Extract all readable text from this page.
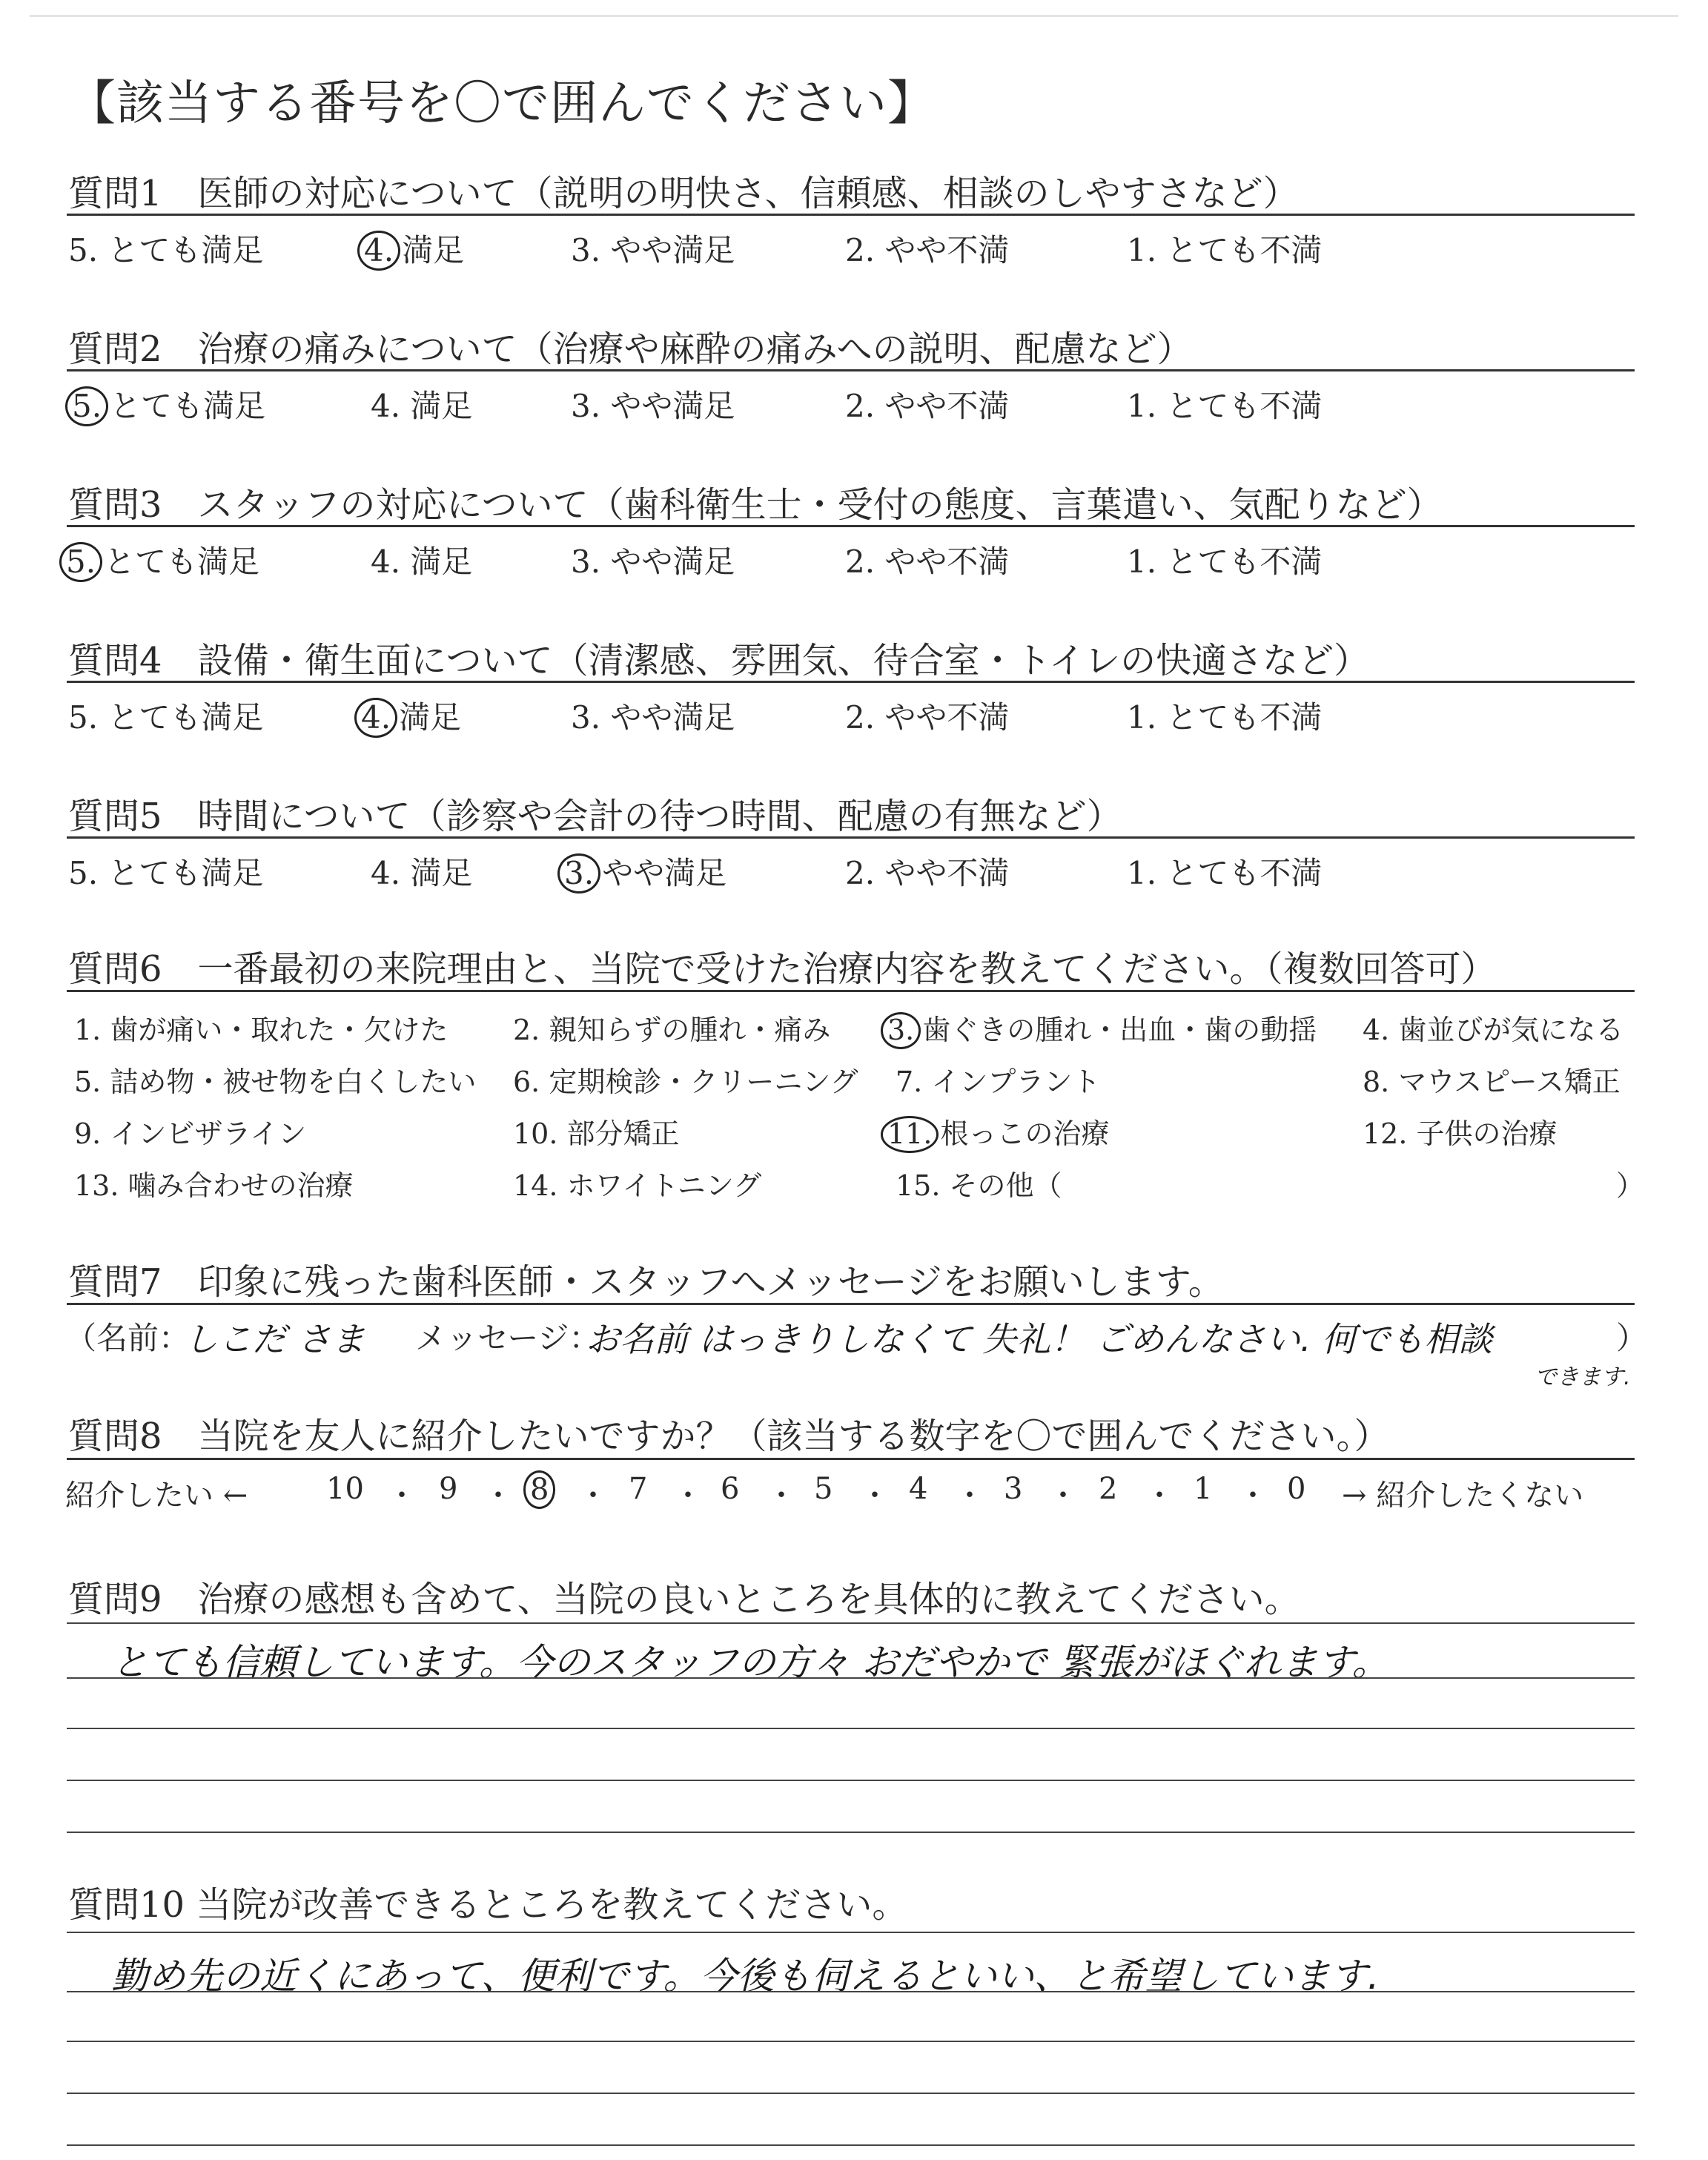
【該当する番号を〇で囲んでください】
質問1　医師の対応について（説明の明快さ、信頼感、相談のしやすさなど）
5. とても満足	4. 満足	3. やや満足	2. やや不満	1. とても不満
質問2　治療の痛みについて（治療や麻酔の痛みへの説明、配慮など）
5. とても満足	4. 満足	3. やや満足	2. やや不満	1. とても不満
質問3　スタッフの対応について（歯科衛生士・受付の態度、言葉遣い、気配りなど）
5. とても満足	4. 満足	3. やや満足	2. やや不満	1. とても不満
質問4　設備・衛生面について（清潔感、雰囲気、待合室・トイレの快適さなど）
5. とても満足	4. 満足	3. やや満足	2. やや不満	1. とても不満
質問5　時間について（診察や会計の待つ時間、配慮の有無など）
5. とても満足	4. 満足	3. やや満足	2. やや不満	1. とても不満
質問6　一番最初の来院理由と、当院で受けた治療内容を教えてください。（複数回答可）
1. 歯が痛い・取れた・欠けた 2. 親知らずの腫れ・痛み 3. 歯ぐきの腫れ・出血・歯の動揺 4. 歯並びが気になる
5. 詰め物・被せ物を白くしたい 6. 定期検診・クリーニング 7. インプラント	8. マウスピース矯正
9. インビザライン	10. 部分矯正	11. 根っこの治療	12. 子供の治療
13. 噛み合わせの治療	14. ホワイトニング	15. その他（	）
質問7　印象に残った歯科医師・スタッフへメッセージをお願いします。
（名前：
しこだ さま メッセージ：
お名前 はっきりしなくて 失礼！ ごめんなさい. 何でも相談
できます.
）
質問8　当院を友人に紹介したいですか？（該当する数字を〇で囲んでください。）
紹介したい ←	10 ・ 9 ・ 8 ・ 7 ・ 6 ・ 5 ・ 4 ・ 3 ・ 2 ・ 1 ・ 0 → 紹介したくない
質問9　治療の感想も含めて、当院の良いところを具体的に教えてください。
とても信頼しています。今のスタッフの方々 おだやかで 緊張がほぐれます。
質問10 当院が改善できるところを教えてください。
勤め先の近くにあって、便利です。今後も伺えるといい、と希望しています.
